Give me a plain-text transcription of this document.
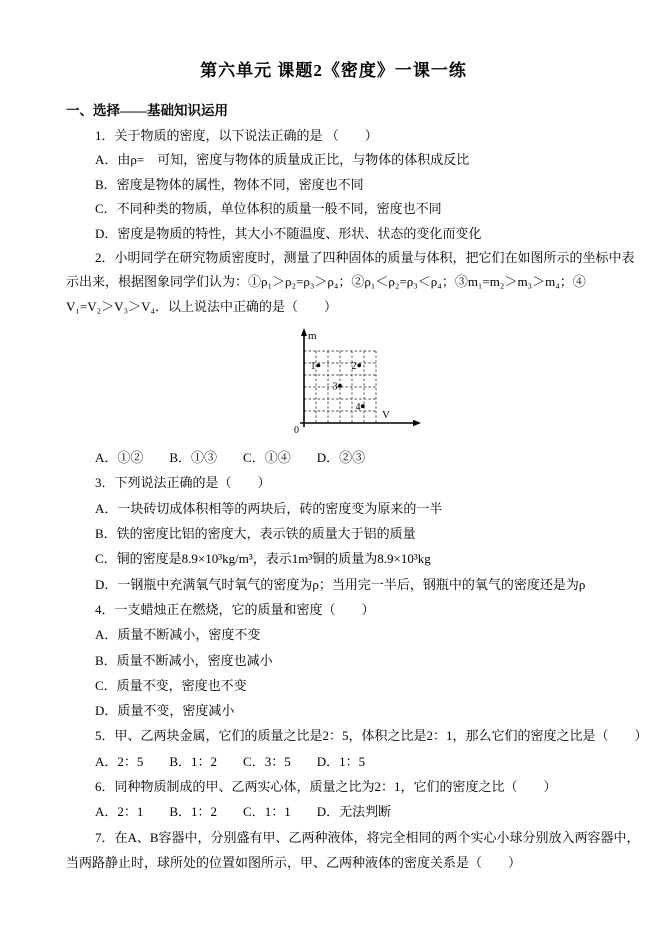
第六单元 课题2《密度》一课一练
一、选择——基础知识运用
1．关于物质的密度，以下说法正确的是 （　　）
A．由ρ=　可知，密度与物体的质量成正比，与物体的体积成反比
B．密度是物体的属性，物体不同，密度也不同
C．不同种类的物质，单位体积的质量一般不同，密度也不同
D．密度是物质的特性，其大小不随温度、形状、状态的变化而变化
2．小明同学在研究物质密度时，测量了四种固体的质量与体积，把它们在如图所示的坐标中表
示出来，根据图象同学们认为：①ρ₁＞ρ₂=ρ₃＞ρ₄；②ρ₁＜ρ₂=ρ₃＜ρ₄；③m₁=m₂＞m₃＞m₄；④
V₁=V₂＞V₃＞V₄．以上说法中正确的是（　　）
1	2
3
4
m
V
0
A．①②　　B．①③　　C．①④　　D．②③
3．下列说法正确的是（　　）
A．一块砖切成体积相等的两块后，砖的密度变为原来的一半
B．铁的密度比铝的密度大，表示铁的质量大于铝的质量
C．铜的密度是8.9×10³kg/m³，表示1m³铜的质量为8.9×10³kg
D．一钢瓶中充满氧气时氧气的密度为ρ；当用完一半后，钢瓶中的氧气的密度还是为ρ
4．一支蜡烛正在燃烧，它的质量和密度（　　）
A．质量不断减小，密度不变
B．质量不断减小，密度也减小
C．质量不变，密度也不变
D．质量不变，密度减小
5．甲、乙两块金属，它们的质量之比是2：5，体积之比是2：1，那么它们的密度之比是（　　）
A．2：5　　B．1：2　　C．3：5　　D．1：5
6．同种物质制成的甲、乙两实心体，质量之比为2：1，它们的密度之比（　　）
A．2：1　　B．1：2　　C．1：1　　D．无法判断
7．在A、B容器中，分别盛有甲、乙两种液体，将完全相同的两个实心小球分别放入两容器中，
当两路静止时，球所处的位置如图所示，甲、乙两种液体的密度关系是（　　）
